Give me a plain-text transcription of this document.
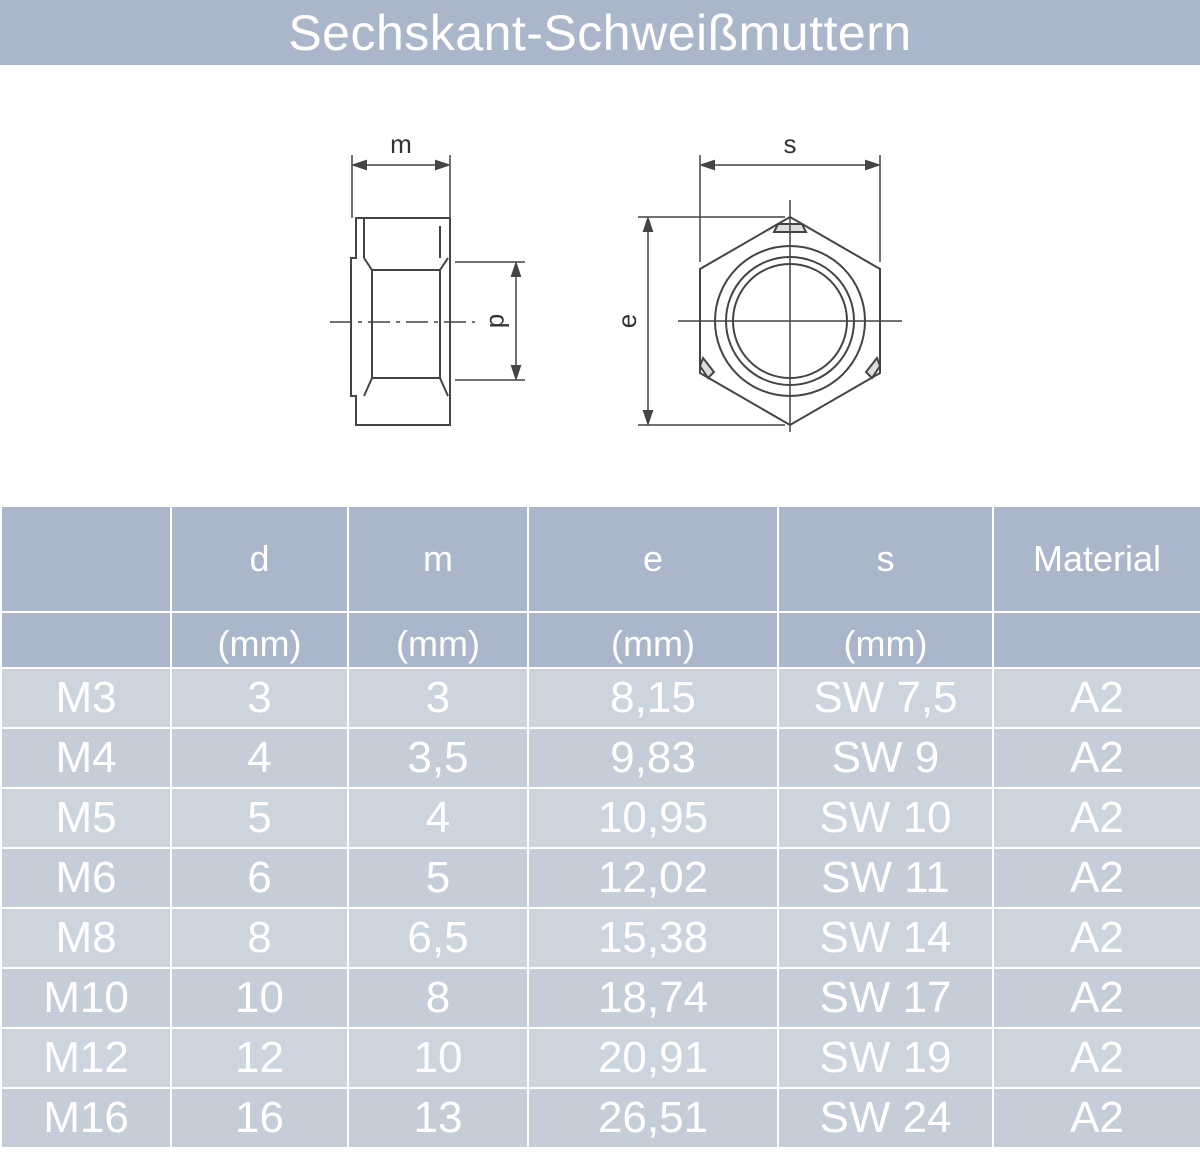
Sechskant-Schweißmuttern
m
d
s
e
	d	m	e	s	Material
	(mm)	(mm)	(mm)	(mm)	
M3	3	3	8,15	SW 7,5	A2
M4	4	3,5	9,83	SW 9	A2
M5	5	4	10,95	SW 10	A2
M6	6	5	12,02	SW 11	A2
M8	8	6,5	15,38	SW 14	A2
M10	10	8	18,74	SW 17	A2
M12	12	10	20,91	SW 19	A2
M16	16	13	26,51	SW 24	A2
